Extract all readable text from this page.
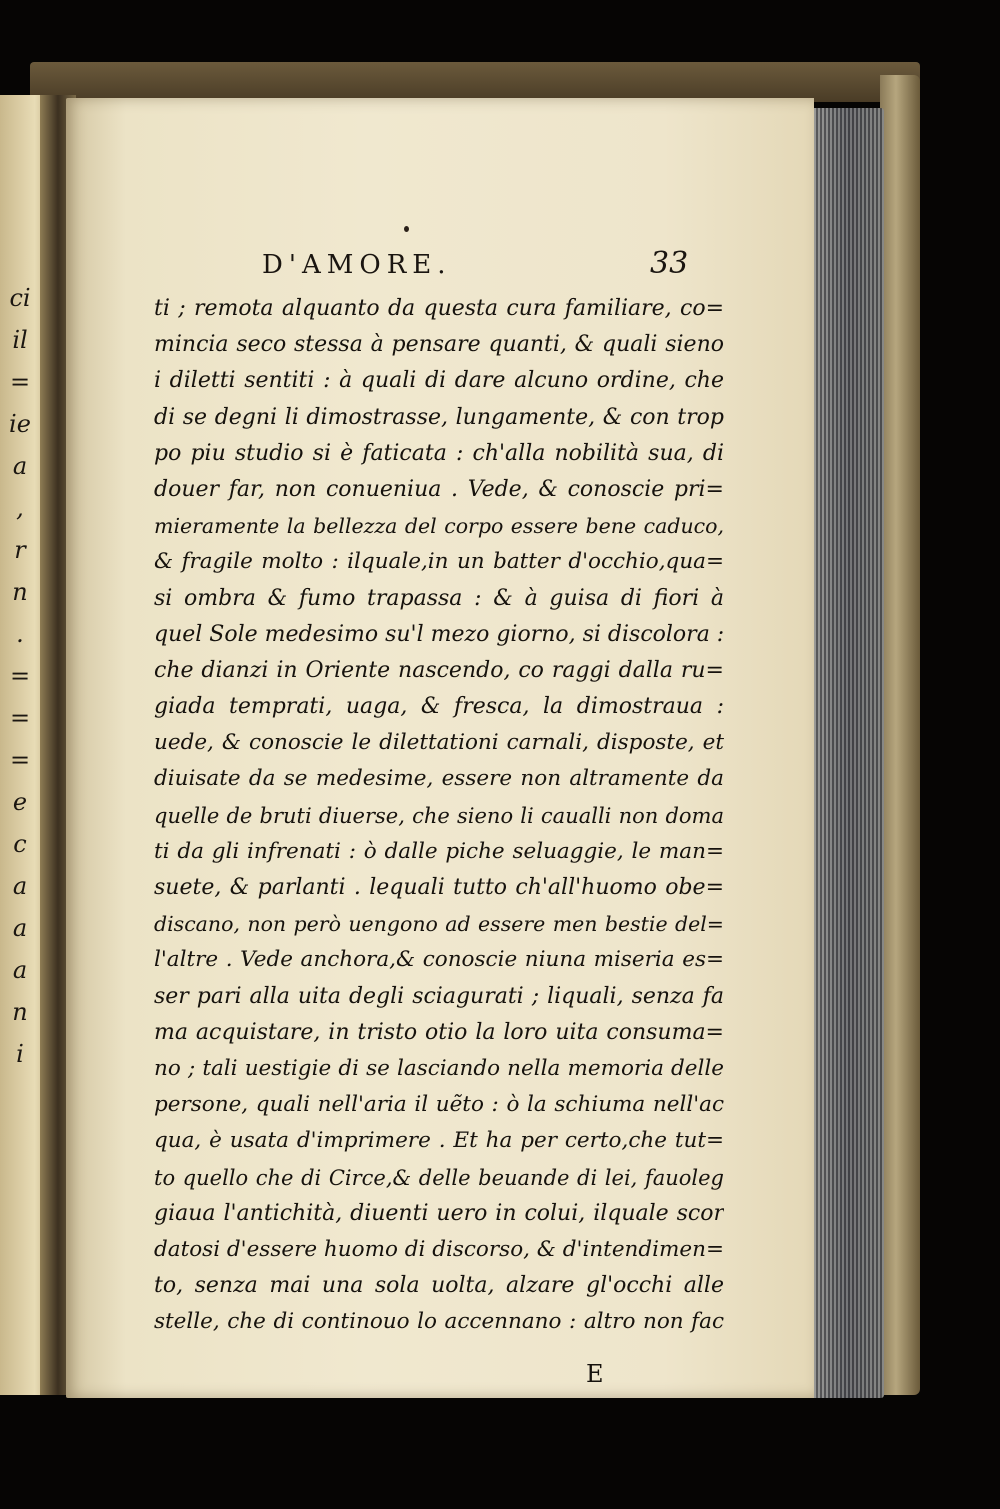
ci
il
=
ie
a
,
r
n
.
=
=
=
e
c
a
a
a
n
i
D'AMORE.	33
ti ; remota alquanto da questa cura familiare, co=
mincia seco stessa à pensare quanti, & quali sieno
i diletti sentiti : à quali di dare alcuno ordine, che
di se degni li dimostrasse, lungamente, & con trop
po piu studio si è faticata : ch'alla nobilità sua, di
douer far, non conueniua . Vede, & conoscie pri=
mieramente la bellezza del corpo essere bene caduco,
& fragile molto : ilquale,in un batter d'occhio,qua=
si ombra & fumo trapassa : & à guisa di fiori à
quel Sole medesimo su'l mezo giorno, si discolora :
che dianzi in Oriente nascendo, co raggi dalla ru=
giada temprati, uaga, & fresca, la dimostraua :
uede, & conoscie le dilettationi carnali, disposte, et
diuisate da se medesime, essere non altramente da
quelle de bruti diuerse, che sieno li caualli non doma
ti da gli infrenati : ò dalle piche seluaggie, le man=
suete, & parlanti . lequali tutto ch'all'huomo obe=
discano, non però uengono ad essere men bestie del=
l'altre . Vede anchora,& conoscie niuna miseria es=
ser pari alla uita degli sciagurati ; liquali, senza fa
ma acquistare, in tristo otio la loro uita consuma=
no ; tali uestigie di se lasciando nella memoria delle
persone, quali nell'aria il uẽto : ò la schiuma nell'ac
qua, è usata d'imprimere . Et ha per certo,che tut=
to quello che di Circe,& delle beuande di lei, fauoleg
giaua l'antichità, diuenti uero in colui, ilquale scor
datosi d'essere huomo di discorso, & d'intendimen=
to, senza mai una sola uolta, alzare gl'occhi alle
stelle, che di continouo lo accennano : altro non fac
E
